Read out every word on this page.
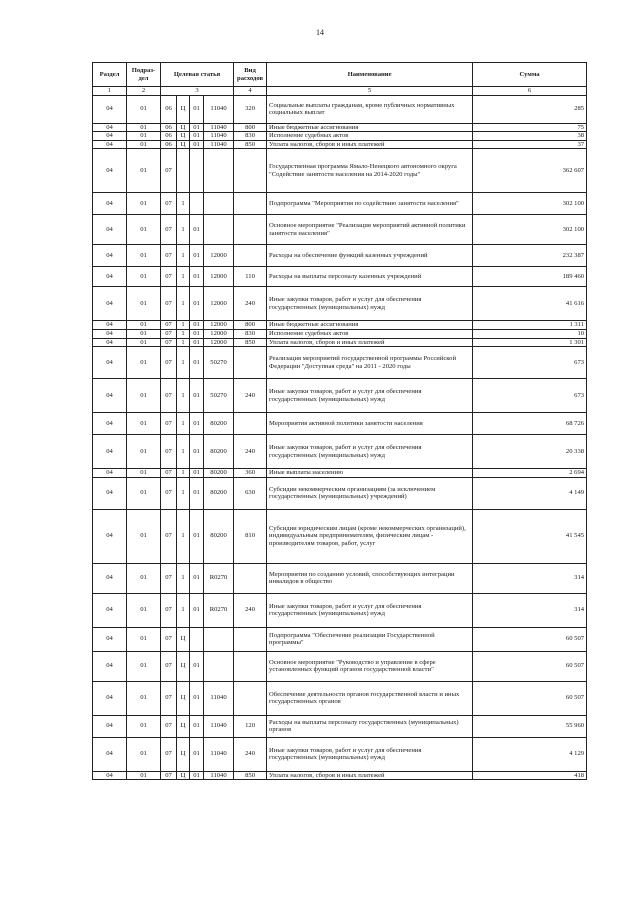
14
Раздел	Подраз-дел	Целевая статья				Вид расходов	Наименование	Сумма
1	2	3				4	5	6
04	01	06	Ц	01	11040	320	Социальные выплаты гражданам, кроме публичных нормативных социальных выплат	285
04	01	06	Ц	01	11040	800	Иные бюджетные ассигнования	75
04	01	06	Ц	01	11040	830	Исполнение судебных актов	38
04	01	06	Ц	01	11040	850	Уплата налогов, сборов и иных платежей	37
04	01	07					Государственная программа Ямало-Ненецкого автономного округа "Содействие занятости населения на 2014-2020 годы"	362 607
04	01	07	1				Подпрограмма "Мероприятия по содействию занятости населения"	302 100
04	01	07	1	01			Основное мероприятие "Реализация мероприятий активной политики занятости населения"	302 100
04	01	07	1	01	12000		Расходы на обеспечение функций казенных учреждений	232 387
04	01	07	1	01	12000	110	Расходы на выплаты персоналу казенных учреждений	189 460
04	01	07	1	01	12000	240	Иные закупки товаров, работ и услуг для обеспечения государственных (муниципальных) нужд	41 616
04	01	07	1	01	12000	800	Иные бюджетные ассигнования	1 311
04	01	07	1	01	12000	830	Исполнение судебных актов	10
04	01	07	1	01	12000	850	Уплата налогов, сборов и иных платежей	1 301
04	01	07	1	01	50270		Реализация мероприятий государственной программы Российской Федерации "Доступная среда" на 2011 - 2020 годы	673
04	01	07	1	01	50270	240	Иные закупки товаров, работ и услуг для обеспечения государственных (муниципальных) нужд	673
04	01	07	1	01	80200		Мероприятия активной политики занятости населения	68 726
04	01	07	1	01	80200	240	Иные закупки товаров, работ и услуг для обеспечения государственных (муниципальных) нужд	20 338
04	01	07	1	01	80200	360	Иные выплаты населению	2 694
04	01	07	1	01	80200	630	Субсидии некоммерческим организациям (за исключением государственных (муниципальных) учреждений)	4 149
04	01	07	1	01	80200	810	Субсидии юридическим лицам (кроме некоммерческих организаций), индивидуальным предпринимателям, физическим лицам - производителям товаров, работ, услуг	41 545
04	01	07	1	01	R0270		Мероприятия по созданию условий, способствующих интеграции инвалидов в общество	314
04	01	07	1	01	R0270	240	Иные закупки товаров, работ и услуг для обеспечения государственных (муниципальных) нужд	314
04	01	07	Ц				Подпрограмма "Обеспечение реализации Государственной программы"	60 507
04	01	07	Ц	01			Основное мероприятие "Руководство и управление в сфере установленных функций органов государственной власти"	60 507
04	01	07	Ц	01	11040		Обеспечение деятельности органов государственной власти и иных государственных органов	60 507
04	01	07	Ц	01	11040	120	Расходы на выплаты персоналу государственных (муниципальных) органов	55 960
04	01	07	Ц	01	11040	240	Иные закупки товаров, работ и услуг для обеспечения государственных (муниципальных) нужд	4 129
04	01	07	Ц	01	11040	850	Уплата налогов, сборов и иных платежей	418
